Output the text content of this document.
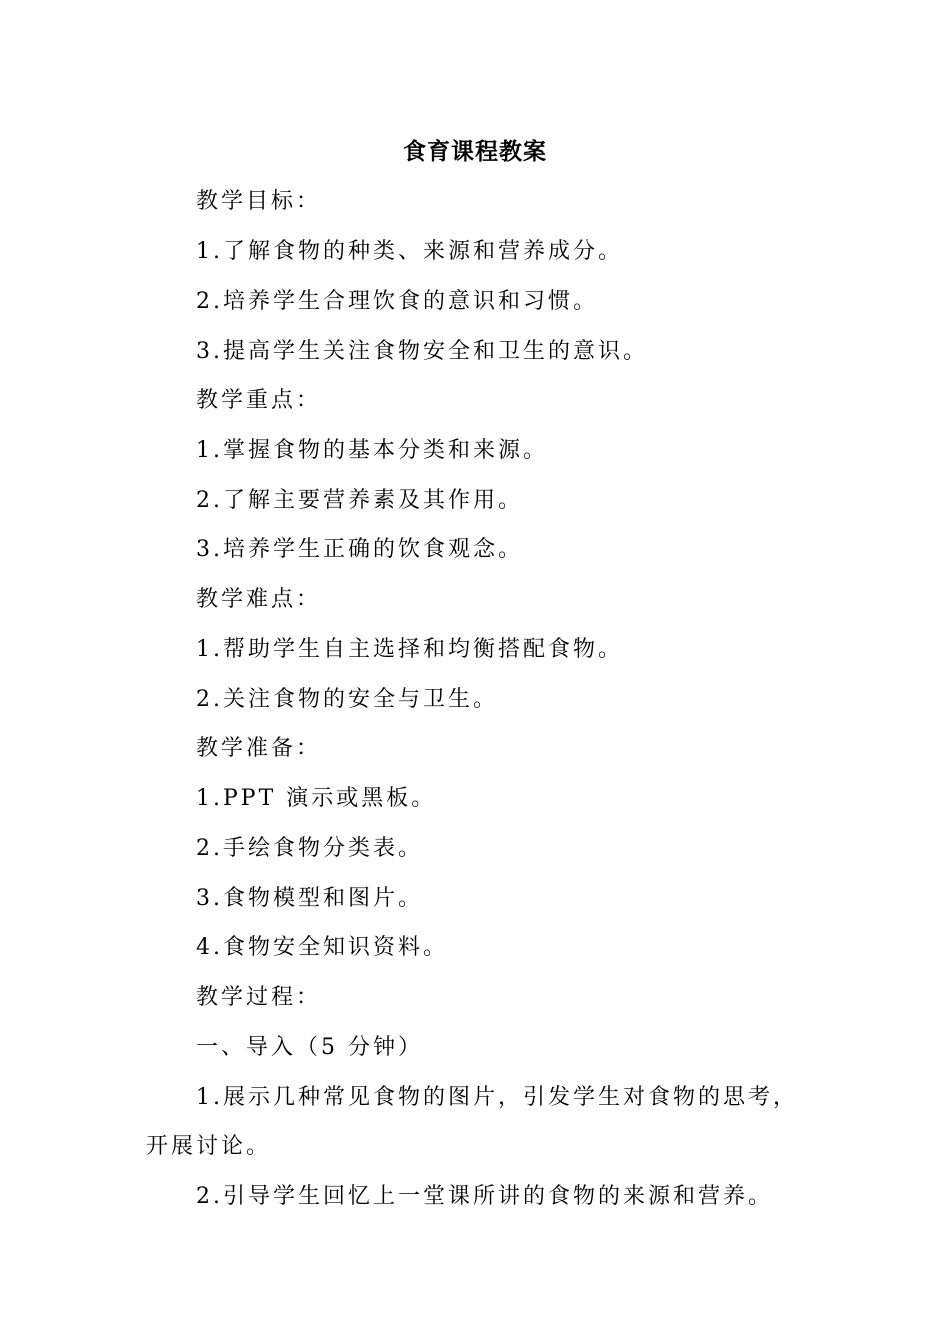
食育课程教案
教学目标：
1.了解食物的种类、来源和营养成分。
2.培养学生合理饮食的意识和习惯。
3.提高学生关注食物安全和卫生的意识。
教学重点：
1.掌握食物的基本分类和来源。
2.了解主要营养素及其作用。
3.培养学生正确的饮食观念。
教学难点：
1.帮助学生自主选择和均衡搭配食物。
2.关注食物的安全与卫生。
教学准备：
1.PPT 演示或黑板。
2.手绘食物分类表。
3.食物模型和图片。
4.食物安全知识资料。
教学过程：
一、导入（5 分钟）
1.展示几种常见食物的图片，引发学生对食物的思考，
开展讨论。
2.引导学生回忆上一堂课所讲的食物的来源和营养。
